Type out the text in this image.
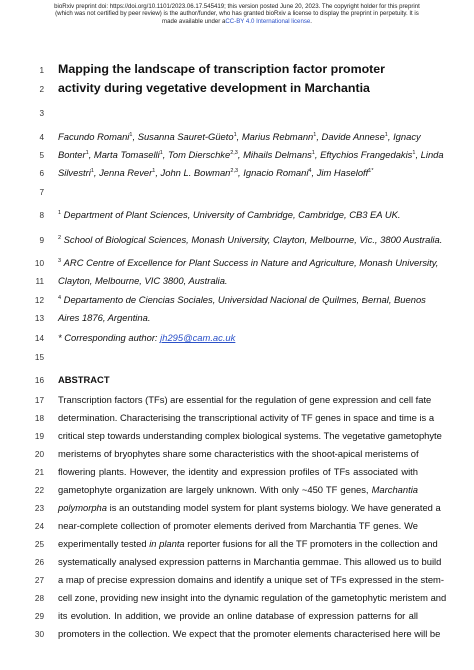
bioRxiv preprint doi: https://doi.org/10.1101/2023.06.17.545419; this version posted June 20, 2023. The copyright holder for this preprint
(which was not certified by peer review) is the author/funder, who has granted bioRxiv a license to display the preprint in perpetuity. It is
made available under aCC-BY 4.0 International license.
1
2
3
4
5
6
7
8
9
10
11
12
13
14
15
16
17
18
19
20
21
22
23
24
25
26
27
28
29
30
Mapping the landscape of transcription factor promoter
activity during vegetative development in Marchantia
Facundo Romani$^1$, Susanna Sauret-Güeto$^1$, Marius Rebmann$^1$, Davide Annese$^1$, Ignacy
Bonter$^1$, Marta Tomaselli$^1$, Tom Dierschke$^{2,3}$, Mihails Delmans$^1$, Eftychios Frangedakis$^1$, Linda
Silvestri$^1$, Jenna Rever$^1$, John L. Bowman$^{2,3}$, Ignacio Romani$^4$, Jim Haseloff$^{1*}$
$^1$ Department of Plant Sciences, University of Cambridge, Cambridge, CB3 EA UK.
$^2$ School of Biological Sciences, Monash University, Clayton, Melbourne, Vic., 3800 Australia.
$^3$ ARC Centre of Excellence for Plant Success in Nature and Agriculture, Monash University,
Clayton, Melbourne, VIC 3800, Australia.
$^4$ Departamento de Ciencias Sociales, Universidad Nacional de Quilmes, Bernal, Buenos
Aires 1876, Argentina.
* Corresponding author: jh295@cam.ac.uk
ABSTRACT
Transcription factors (TFs) are essential for the regulation of gene expression and cell fate
determination. Characterising the transcriptional activity of TF genes in space and time is a
critical step towards understanding complex biological systems. The vegetative gametophyte
meristems of bryophytes share some characteristics with the shoot-apical meristems of
flowering plants. However, the identity and expression profiles of TFs associated with
gametophyte organization are largely unknown. With only ~450 TF genes, Marchantia
polymorpha is an outstanding model system for plant systems biology. We have generated a
near-complete collection of promoter elements derived from Marchantia TF genes. We
experimentally tested in planta reporter fusions for all the TF promoters in the collection and
systematically analysed expression patterns in Marchantia gemmae. This allowed us to build
a map of precise expression domains and identify a unique set of TFs expressed in the stem-
cell zone, providing new insight into the dynamic regulation of the gametophytic meristem and
its evolution. In addition, we provide an online database of expression patterns for all
promoters in the collection. We expect that the promoter elements characterised here will be
